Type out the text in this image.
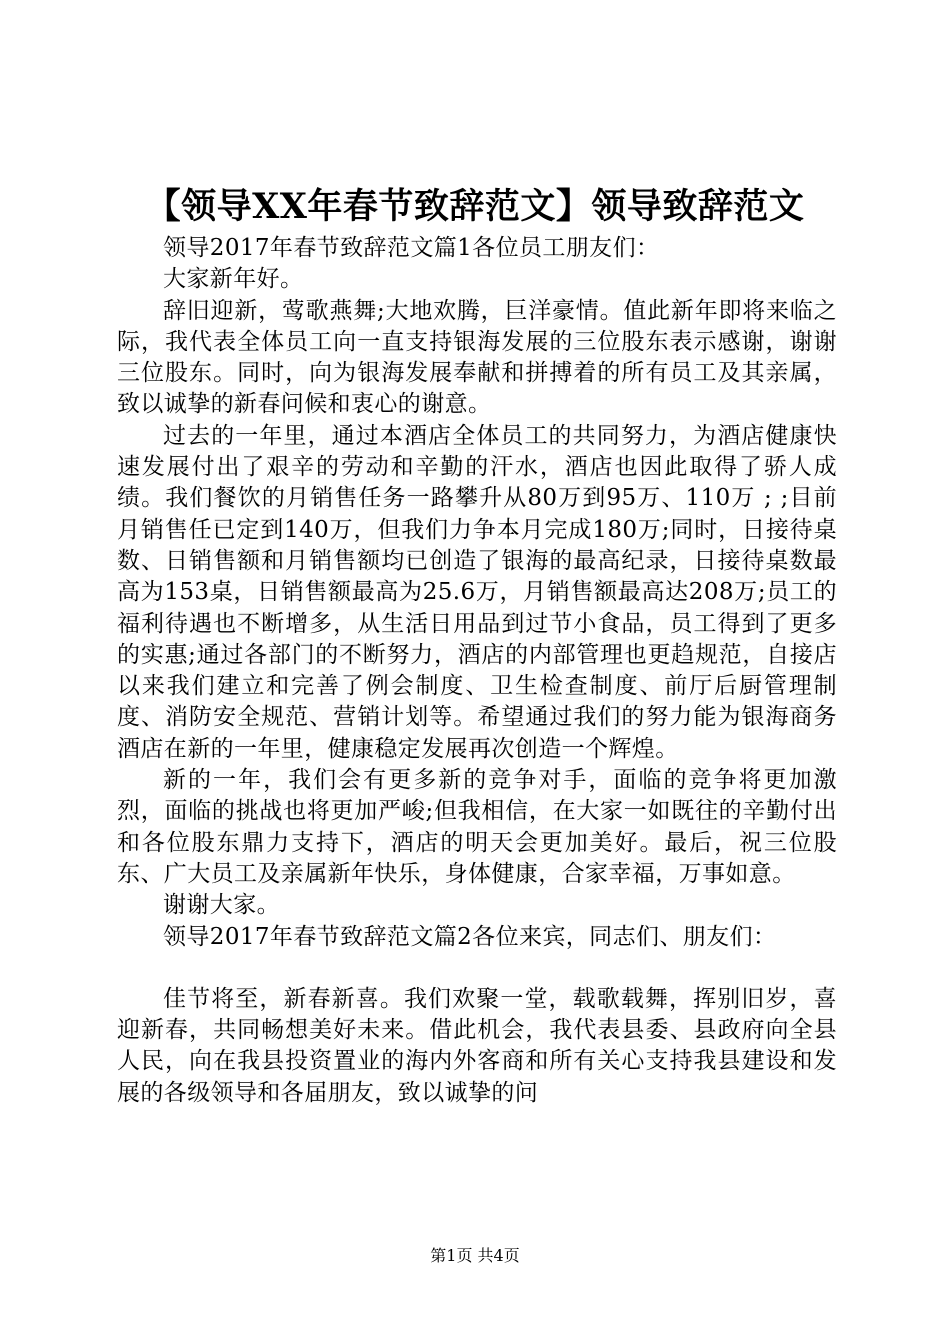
【领导XX年春节致辞范文】领导致辞范文

领导2017年春节致辞范文篇1各位员工朋友们：

大家新年好。

辞旧迎新，莺歌燕舞;大地欢腾，巨洋豪情。值此新年即将来临之际，我代表全体员工向一直支持银海发展的三位股东表示感谢，谢谢三位股东。同时，向为银海发展奉献和拼搏着的所有员工及其亲属，致以诚挚的新春问候和衷心的谢意。

过去的一年里，通过本酒店全体员工的共同努力，为酒店健康快速发展付出了艰辛的劳动和辛勤的汗水，酒店也因此取得了骄人成绩。我们餐饮的月销售任务一路攀升从80万到95万、110万 ; ;目前月销售任已定到140万，但我们力争本月完成180万;同时，日接待桌数、日销售额和月销售额均已创造了银海的最高纪录，日接待桌数最高为153桌，日销售额最高为25.6万，月销售额最高达208万;员工的福利待遇也不断增多，从生活日用品到过节小食品，员工得到了更多的实惠;通过各部门的不断努力，酒店的内部管理也更趋规范，自接店以来我们建立和完善了例会制度、卫生检查制度、前厅后厨管理制度、消防安全规范、营销计划等。希望通过我们的努力能为银海商务酒店在新的一年里，健康稳定发展再次创造一个辉煌。

新的一年，我们会有更多新的竞争对手，面临的竞争将更加激烈，面临的挑战也将更加严峻;但我相信，在大家一如既往的辛勤付出和各位股东鼎力支持下，酒店的明天会更加美好。最后，祝三位股东、广大员工及亲属新年快乐，身体健康，合家幸福，万事如意。

谢谢大家。

领导2017年春节致辞范文篇2各位来宾，同志们、朋友们：

佳节将至，新春新喜。我们欢聚一堂，载歌载舞，挥别旧岁，喜迎新春，共同畅想美好未来。借此机会，我代表县委、县政府向全县人民，向在我县投资置业的海内外客商和所有关心支持我县建设和发展的各级领导和各届朋友，致以诚挚的问

第1页 共4页
